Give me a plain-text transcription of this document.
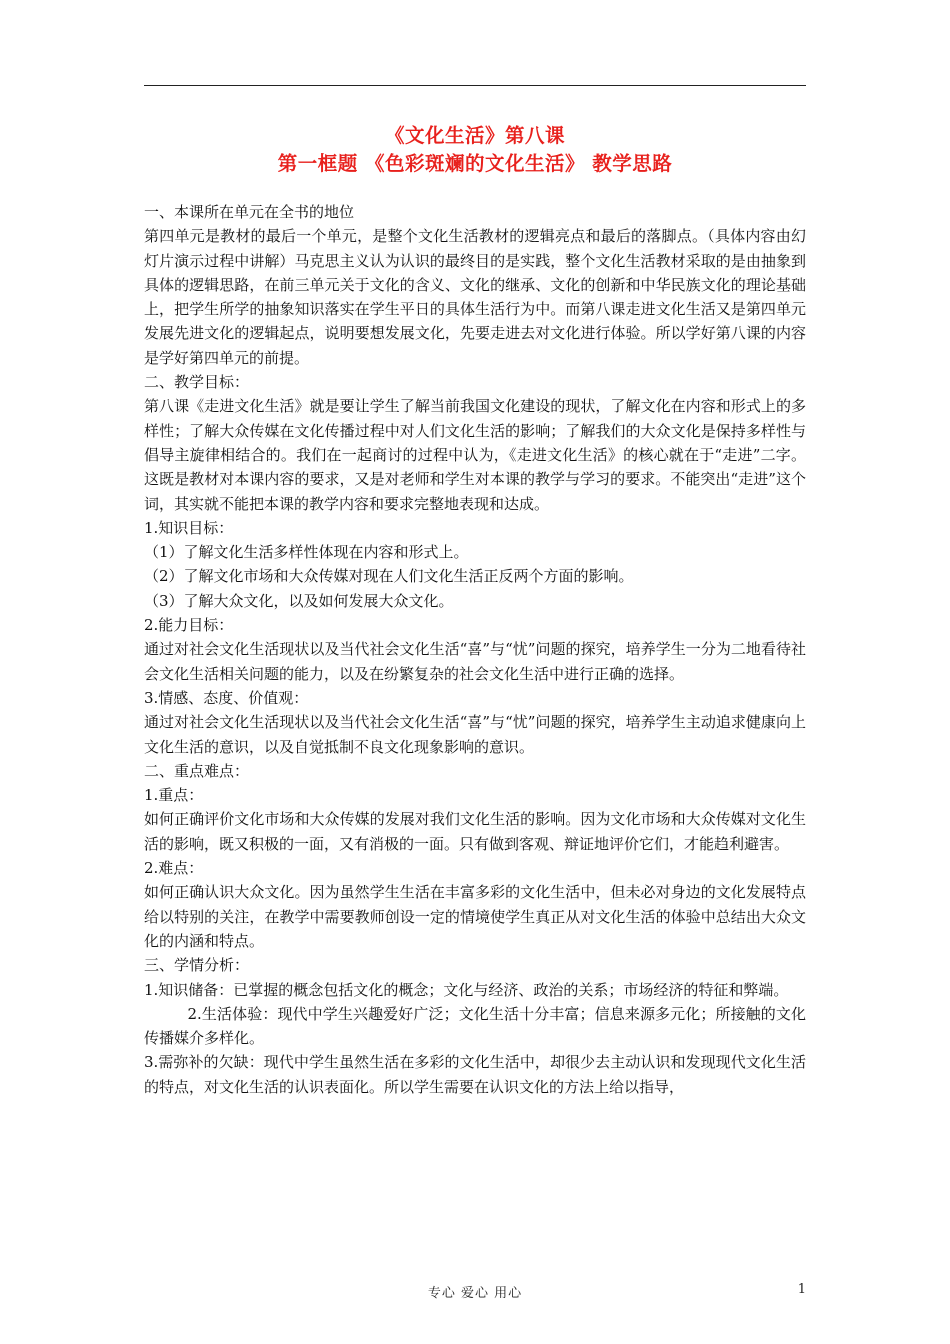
《文化生活》第八课
第一框题 《色彩斑斓的文化生活》 教学思路

一、本课所在单元在全书的地位

第四单元是教材的最后一个单元，是整个文化生活教材的逻辑亮点和最后的落脚点。（具体内容由幻灯片演示过程中讲解）马克思主义认为认识的最终目的是实践，整个文化生活教材采取的是由抽象到具体的逻辑思路，在前三单元关于文化的含义、文化的继承、文化的创新和中华民族文化的理论基础上，把学生所学的抽象知识落实在学生平日的具体生活行为中。而第八课走进文化生活又是第四单元发展先进文化的逻辑起点，说明要想发展文化，先要走进去对文化进行体验。所以学好第八课的内容是学好第四单元的前提。

二、教学目标：

第八课《走进文化生活》就是要让学生了解当前我国文化建设的现状，了解文化在内容和形式上的多样性；了解大众传媒在文化传播过程中对人们文化生活的影响；了解我们的大众文化是保持多样性与倡导主旋律相结合的。我们在一起商讨的过程中认为，《走进文化生活》的核心就在于“走进”二字。这既是教材对本课内容的要求，又是对老师和学生对本课的教学与学习的要求。不能突出“走进”这个词，其实就不能把本课的教学内容和要求完整地表现和达成。

1.知识目标：

（1）了解文化生活多样性体现在内容和形式上。

（2）了解文化市场和大众传媒对现在人们文化生活正反两个方面的影响。

（3）了解大众文化，以及如何发展大众文化。

2.能力目标：

通过对社会文化生活现状以及当代社会文化生活“喜”与“忧”问题的探究，培养学生一分为二地看待社会文化生活相关问题的能力，以及在纷繁复杂的社会文化生活中进行正确的选择。

3.情感、态度、价值观：

通过对社会文化生活现状以及当代社会文化生活“喜”与“忧”问题的探究，培养学生主动追求健康向上文化生活的意识，以及自觉抵制不良文化现象影响的意识。

二、重点难点：

1.重点：

如何正确评价文化市场和大众传媒的发展对我们文化生活的影响。因为文化市场和大众传媒对文化生活的影响，既又积极的一面，又有消极的一面。只有做到客观、辩证地评价它们，才能趋利避害。

2.难点：

如何正确认识大众文化。因为虽然学生生活在丰富多彩的文化生活中，但未必对身边的文化发展特点给以特别的关注，在教学中需要教师创设一定的情境使学生真正从对文化生活的体验中总结出大众文化的内涵和特点。

三、学情分析：

1.知识储备：已掌握的概念包括文化的概念；文化与经济、政治的关系；市场经济的特征和弊端。

2.生活体验：现代中学生兴趣爱好广泛；文化生活十分丰富；信息来源多元化；所接触的文化传播媒介多样化。

3.需弥补的欠缺：现代中学生虽然生活在多彩的文化生活中，却很少去主动认识和发现现代文化生活的特点，对文化生活的认识表面化。所以学生需要在认识文化的方法上给以指导，

专心 爱心 用心	1
